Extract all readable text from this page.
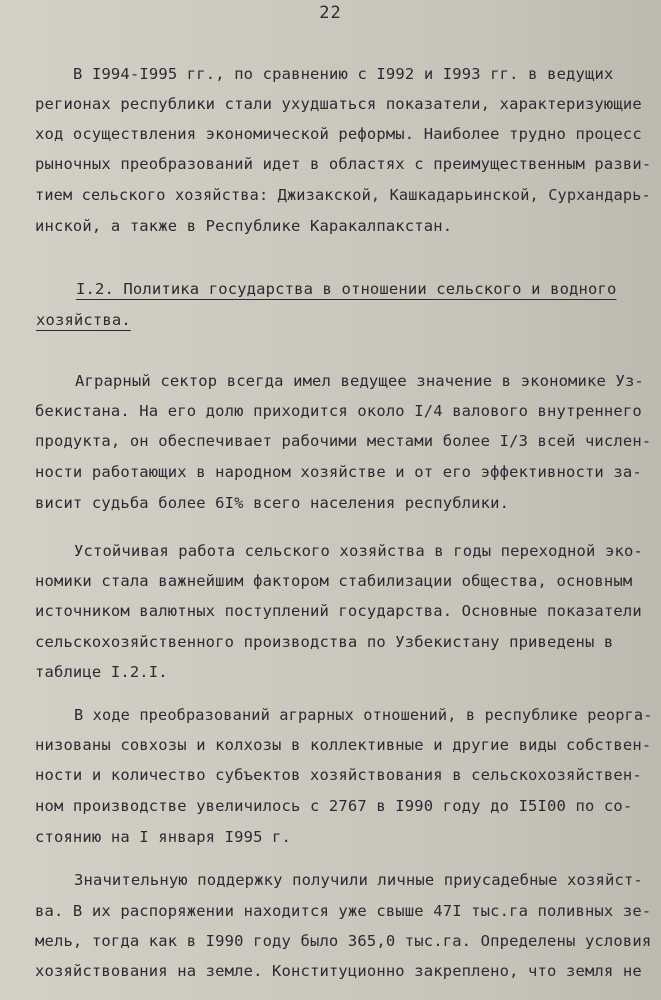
22
В I994-I995 гг., по сравнению с I992 и I993 гг. в ведущих
регионах республики стали ухудшаться показатели, характеризующие
ход осуществления экономической реформы. Наиболее трудно процесс
рыночных преобразований идет в областях с преимущественным разви-
тием сельского хозяйства: Джизакской, Кашкадарьинской, Сурхандарь-
инской, а также в Республике Каракалпакстан.
I.2. Политика государства в отношении сельского и водного
хозяйства.
Аграрный сектор всегда имел ведущее значение в экономике Уз-
бекистана. На его долю приходится около I/4 валового внутреннего
продукта, он обеспечивает рабочими местами более I/3 всей числен-
ности работающих в народном хозяйстве и от его эффективности за-
висит судьба более 6I% всего населения республики.
Устойчивая работа сельского хозяйства в годы переходной эко-
номики стала важнейшим фактором стабилизации общества, основным
источником валютных поступлений государства. Основные показатели
сельскохозяйственного производства по Узбекистану приведены в
таблице I.2.I.
В ходе преобразований аграрных отношений, в республике реорга-
низованы совхозы и колхозы в коллективные и другие виды собствен-
ности и количество субъектов хозяйствования в сельскохозяйствен-
ном производстве увеличилось с 2767 в I990 году до I5I00 по со-
стоянию на I января I995 г.
Значительную поддержку получили личные приусадебные хозяйст-
ва. В их распоряжении находится уже свыше 47I тыс.га поливных зе-
мель, тогда как в I990 году было 365,0 тыс.га. Определены условия
хозяйствования на земле. Конституционно закреплено, что земля не
